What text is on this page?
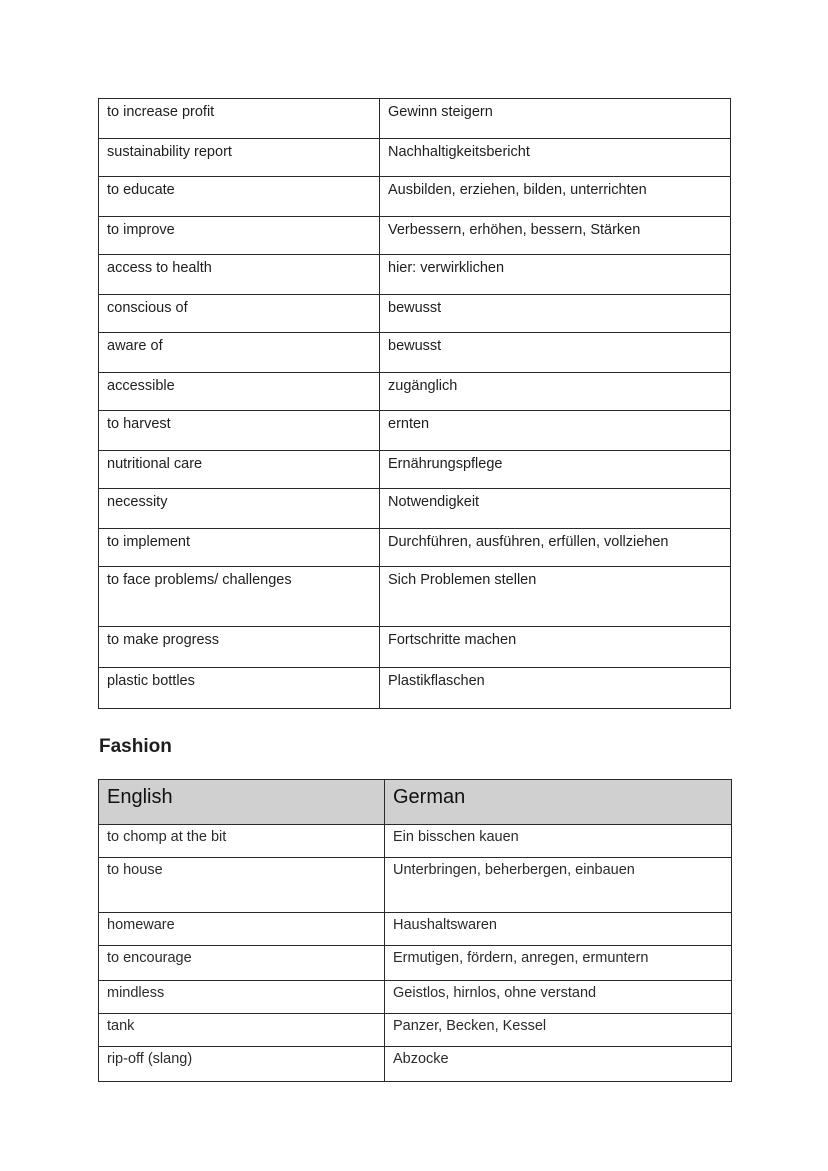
to increase profit	Gewinn steigern
sustainability report	Nachhaltigkeitsbericht
to educate	Ausbilden, erziehen, bilden, unterrichten
to improve	Verbessern, erhöhen, bessern, Stärken
access to health	hier: verwirklichen
conscious of	bewusst
aware of	bewusst
accessible	zugänglich
to harvest	ernten
nutritional care	Ernährungspflege
necessity	Notwendigkeit
to implement	Durchführen, ausführen, erfüllen, vollziehen
to face problems/ challenges	Sich Problemen stellen
to make progress	Fortschritte machen
plastic bottles	Plastikflaschen
Fashion
English	German
to chomp at the bit	Ein bisschen kauen
to house	Unterbringen, beherbergen, einbauen
homeware	Haushaltswaren
to encourage	Ermutigen, fördern, anregen, ermuntern
mindless	Geistlos, hirnlos, ohne verstand
tank	Panzer, Becken, Kessel
rip-off (slang)	Abzocke
